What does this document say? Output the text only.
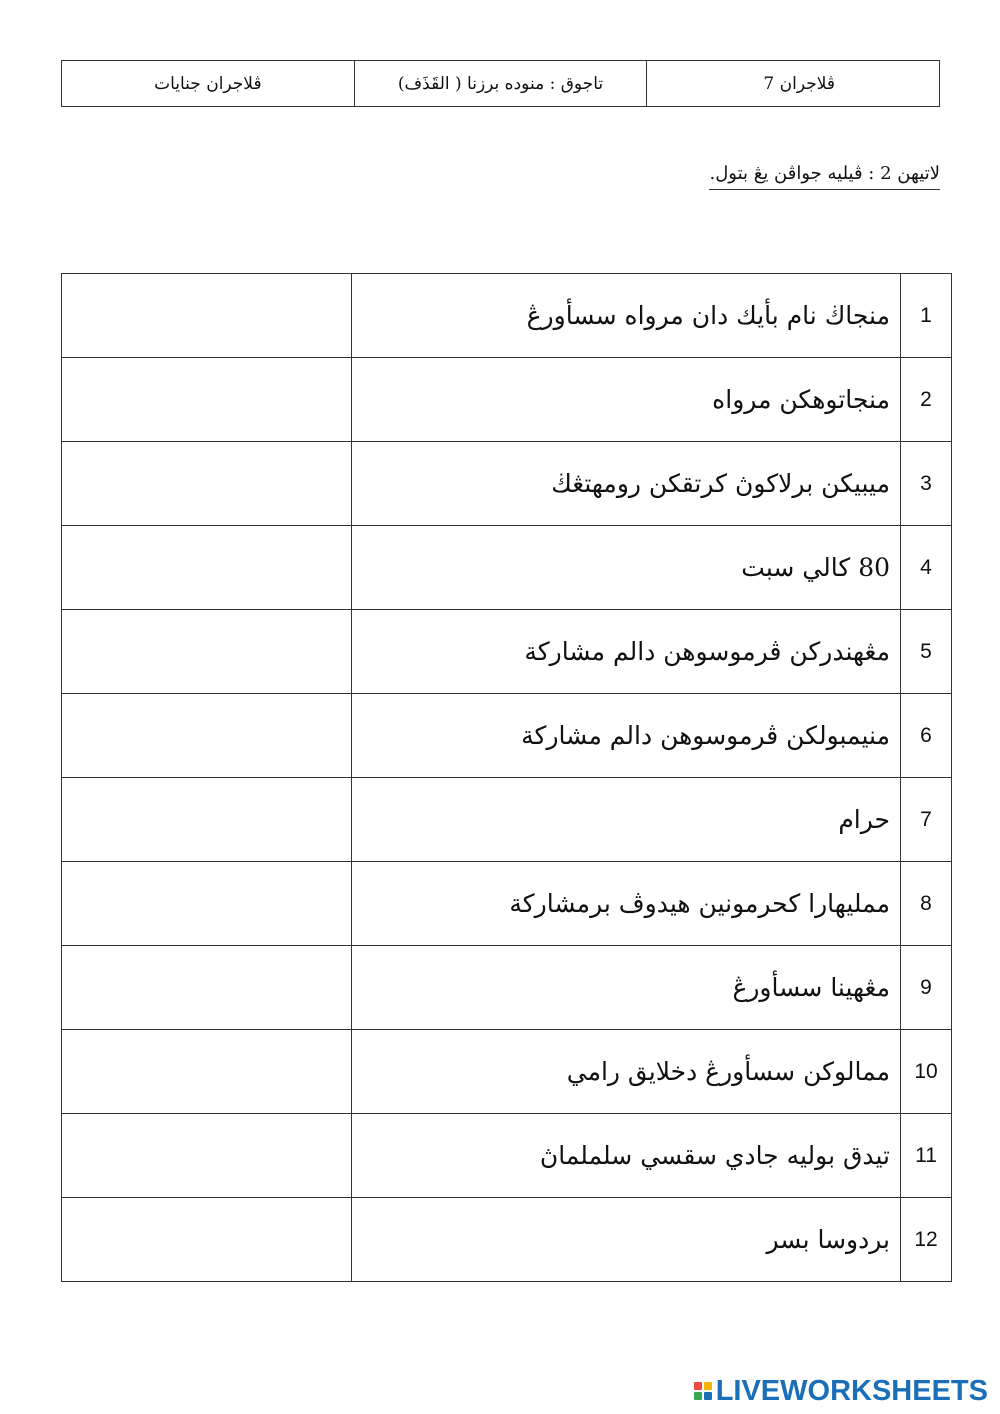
ڤلاجران 7	تاجوق : منوده برزنا ( القَذَف)	ڤلاجران جنايات
لاتيهن 2 : ڤيليه جواڤن يڠ بتول.
1	منجاڬ نام بأيك دان مرواه سسأورڠ	
2	منجاتوهكن مرواه	
3	ميبيكن برلاكوڽ كرتقكن رومهتڠڬ	
4	80 كالي سبت	
5	مڠهندركن ڤرموسوهن دالم مشاركة	
6	منيمبولكن ڤرموسوهن دالم مشاركة	
7	حرام	
8	ممليهارا كحرمونين هيدوڤ برمشاركة	
9	مڠهينا سسأورڠ	
10	ممالوكن سسأورڠ دخلايق رامي	
11	تيدق بوليه جادي سقسي سلملماڽ	
12	بردوسا بسر	
LIVEWORKSHEETS
